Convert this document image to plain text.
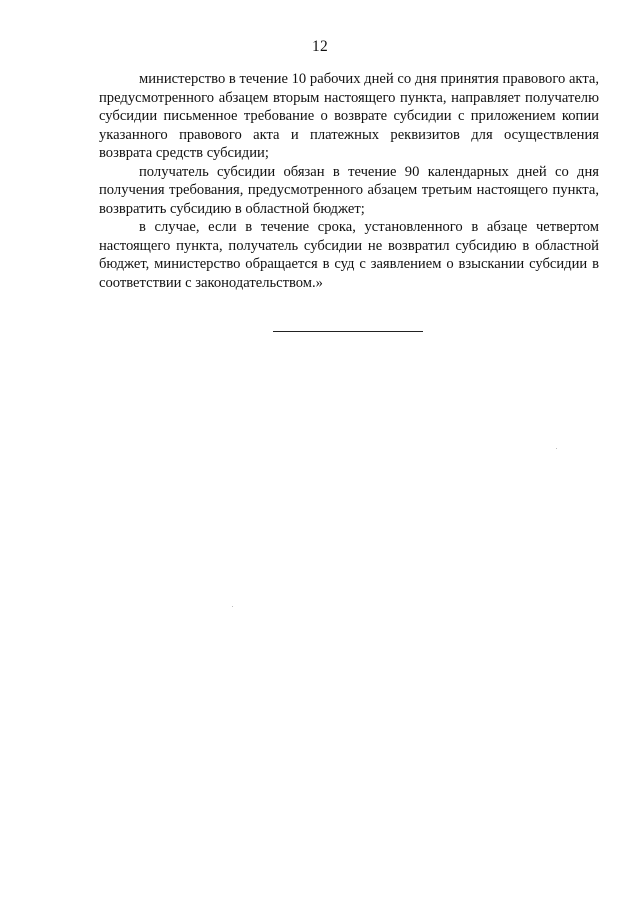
12

министерство в течение 10 рабочих дней со дня принятия правового акта, предусмотренного абзацем вторым настоящего пункта, направляет получателю субсидии письменное требование о возврате субсидии с приложением копии указанного правового акта и платежных реквизитов для осуществления возврата средств субсидии;

получатель субсидии обязан в течение 90 календарных дней со дня получения требования, предусмотренного абзацем третьим настоящего пункта, возвратить субсидию в областной бюджет;

в случае, если в течение срока, установленного в абзаце четвертом настоящего пункта, получатель субсидии не возвратил субсидию в областной бюджет, министерство обращается в суд с заявлением о взыскании субсидии в соответствии с законодательством.»
